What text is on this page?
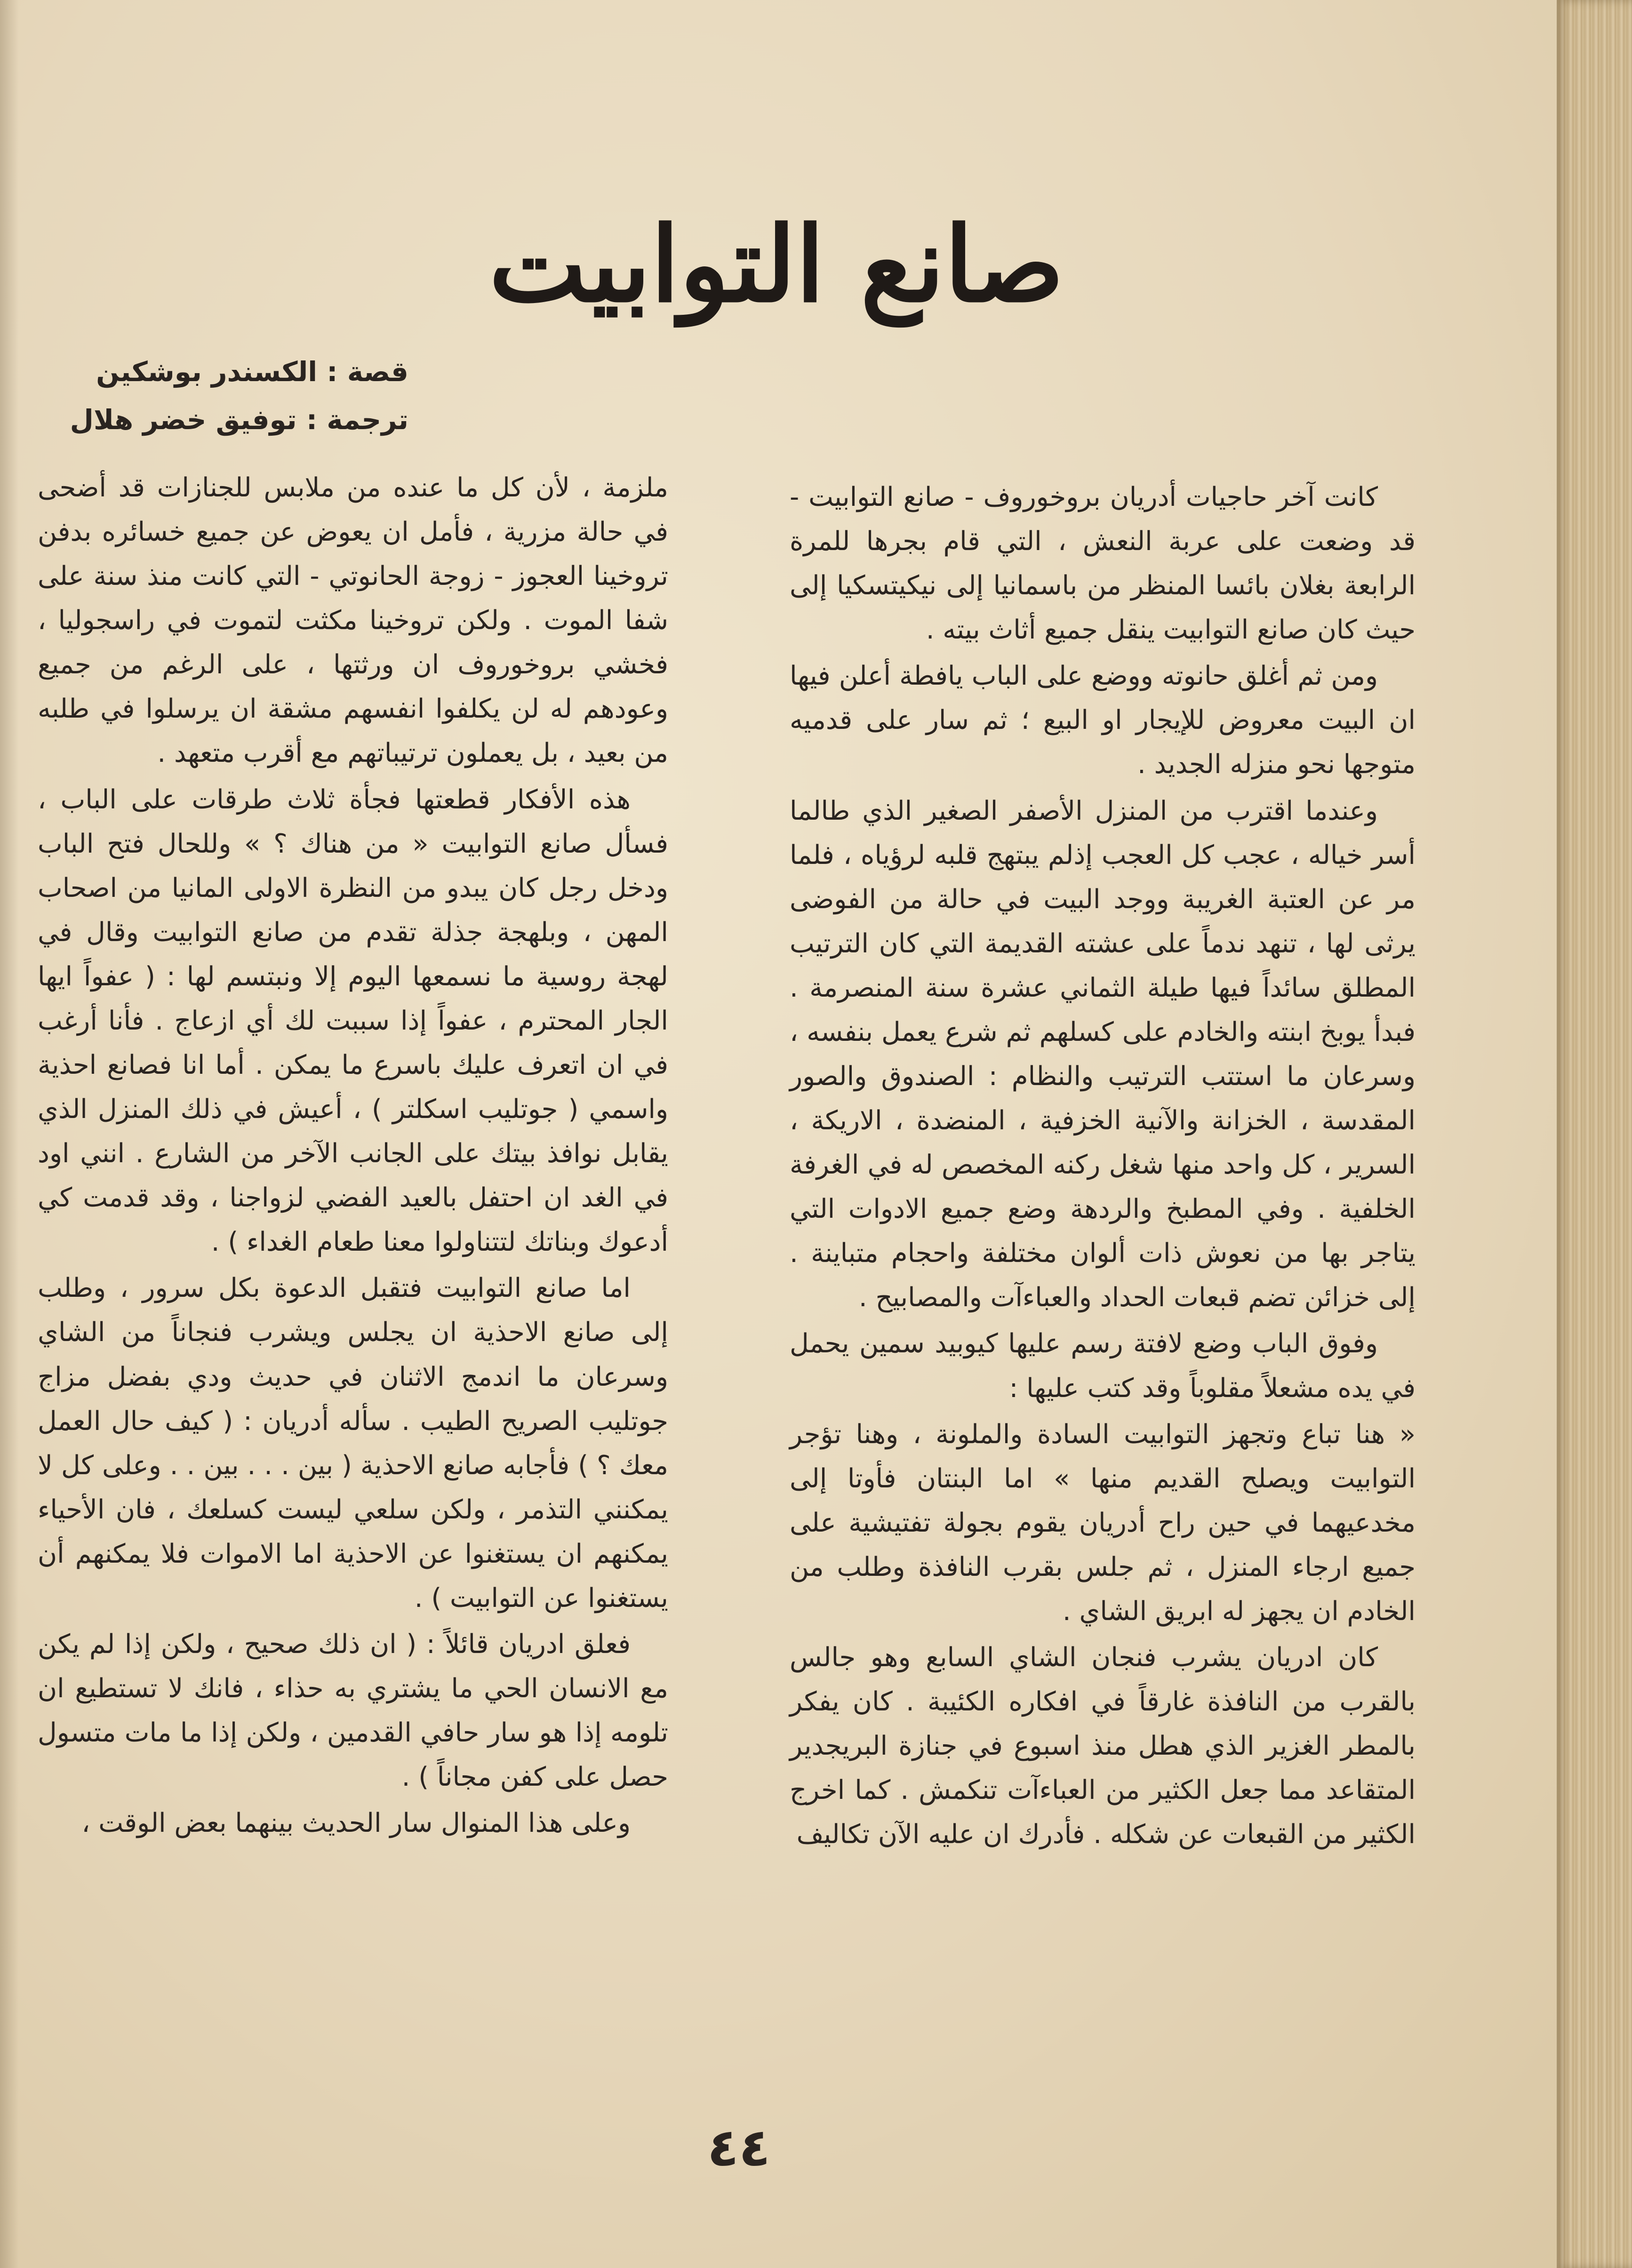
صانع التوابيت
قصة : الكسندر بوشكين
ترجمة : توفيق خضر هلال

كانت آخر حاجيات أدريان بروخوروف - صانع التوابيت - قد وضعت على عربة النعش ، التي قام بجرها للمرة الرابعة بغلان بائسا المنظر من باسمانيا إلى نيكيتسكيا إلى حيث كان صانع التوابيت ينقل جميع أثاث بيته .

ومن ثم أغلق حانوته ووضع على الباب يافطة أعلن فيها ان البيت معروض للإيجار او البيع ؛ ثم سار على قدميه متوجها نحو منزله الجديد .

وعندما اقترب من المنزل الأصفر الصغير الذي طالما أسر خياله ، عجب كل العجب إذلم يبتهج قلبه لرؤياه ، فلما مر عن العتبة الغريبة ووجد البيت في حالة من الفوضى يرثى لها ، تنهد ندماً على عشته القديمة التي كان الترتيب المطلق سائداً فيها طيلة الثماني عشرة سنة المنصرمة . فبدأ يوبخ ابنته والخادم على كسلهم ثم شرع يعمل بنفسه ، وسرعان ما استتب الترتيب والنظام : الصندوق والصور المقدسة ، الخزانة والآنية الخزفية ، المنضدة ، الاريكة ، السرير ، كل واحد منها شغل ركنه المخصص له في الغرفة الخلفية . وفي المطبخ والردهة وضع جميع الادوات التي يتاجر بها من نعوش ذات ألوان مختلفة واحجام متباينة . إلى خزائن تضم قبعات الحداد والعباءآت والمصابيح .

وفوق الباب وضع لافتة رسم عليها كيوبيد سمين يحمل في يده مشعلاً مقلوباً وقد كتب عليها :

« هنا تباع وتجهز التوابيت السادة والملونة ، وهنا تؤجر التوابيت ويصلح القديم منها » اما البنتان فأوتا إلى مخدعيهما في حين راح أدريان يقوم بجولة تفتيشية على جميع ارجاء المنزل ، ثم جلس بقرب النافذة وطلب من الخادم ان يجهز له ابريق الشاي .

كان ادريان يشرب فنجان الشاي السابع وهو جالس بالقرب من النافذة غارقاً في افكاره الكئيبة . كان يفكر بالمطر الغزير الذي هطل منذ اسبوع في جنازة البريجدير المتقاعد مما جعل الكثير من العباءآت تنكمش . كما اخرج الكثير من القبعات عن شكله . فأدرك ان عليه الآن تكاليف

ملزمة ، لأن كل ما عنده من ملابس للجنازات قد أضحى في حالة مزرية ، فأمل ان يعوض عن جميع خسائره بدفن تروخينا العجوز - زوجة الحانوتي - التي كانت منذ سنة على شفا الموت . ولكن تروخينا مكثت لتموت في راسجوليا ، فخشي بروخوروف ان ورثتها ، على الرغم من جميع وعودهم له لن يكلفوا انفسهم مشقة ان يرسلوا في طلبه من بعيد ، بل يعملون ترتيباتهم مع أقرب متعهد .

هذه الأفكار قطعتها فجأة ثلاث طرقات على الباب ، فسأل صانع التوابيت « من هناك ؟ » وللحال فتح الباب ودخل رجل كان يبدو من النظرة الاولى المانيا من اصحاب المهن ، وبلهجة جذلة تقدم من صانع التوابيت وقال في لهجة روسية ما نسمعها اليوم إلا ونبتسم لها : ( عفواً ايها الجار المحترم ، عفواً إذا سببت لك أي ازعاج . فأنا أرغب في ان اتعرف عليك باسرع ما يمكن . أما انا فصانع احذية واسمي ( جوتليب اسكلتر ) ، أعيش في ذلك المنزل الذي يقابل نوافذ بيتك على الجانب الآخر من الشارع . انني اود في الغد ان احتفل بالعيد الفضي لزواجنا ، وقد قدمت كي أدعوك وبناتك لتتناولوا معنا طعام الغداء ) .

اما صانع التوابيت فتقبل الدعوة بكل سرور ، وطلب إلى صانع الاحذية ان يجلس ويشرب فنجاناً من الشاي وسرعان ما اندمج الاثنان في حديث ودي بفضل مزاج جوتليب الصريح الطيب . سأله أدريان : ( كيف حال العمل معك ؟ ) فأجابه صانع الاحذية ( بين . . . بين . . وعلى كل لا يمكنني التذمر ، ولكن سلعي ليست كسلعك ، فان الأحياء يمكنهم ان يستغنوا عن الاحذية اما الاموات فلا يمكنهم أن يستغنوا عن التوابيت ) .

فعلق ادريان قائلاً : ( ان ذلك صحيح ، ولكن إذا لم يكن مع الانسان الحي ما يشتري به حذاء ، فانك لا تستطيع ان تلومه إذا هو سار حافي القدمين ، ولكن إذا ما مات متسول حصل على كفن مجاناً ) .

وعلى هذا المنوال سار الحديث بينهما بعض الوقت ،

٤٤
